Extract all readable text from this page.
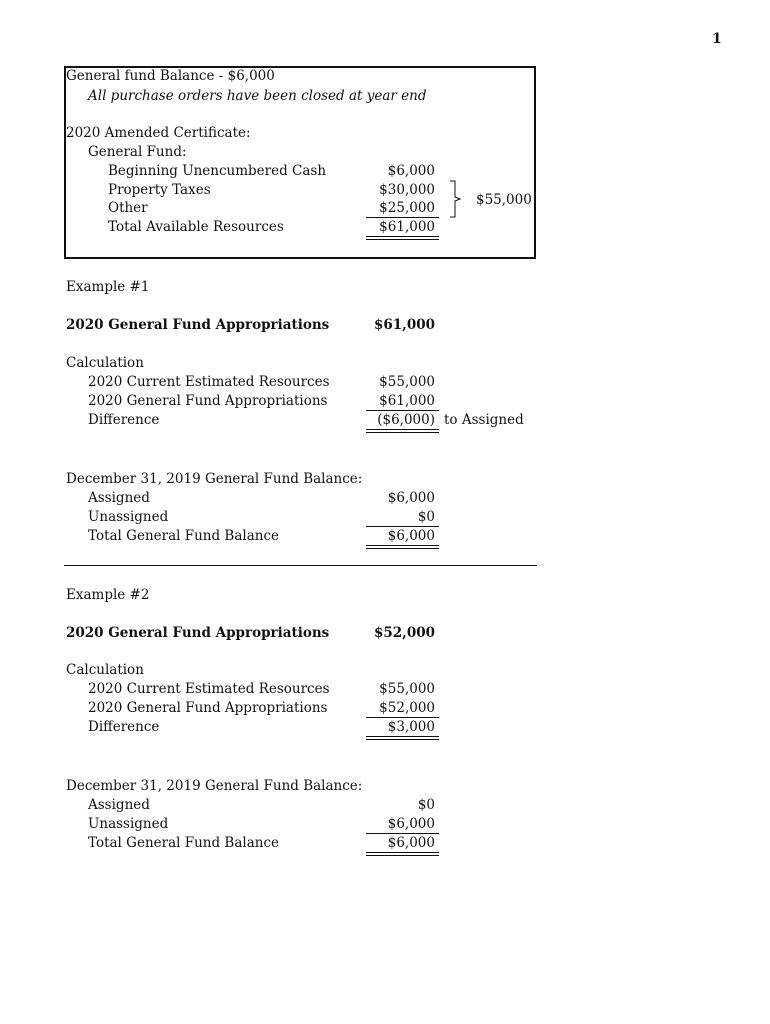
1
General fund Balance - $6,000
All purchase orders have been closed at year end
2020 Amended Certificate:
General Fund:
Beginning Unencumbered Cash	$6,000
Property Taxes	$30,000
Other	$25,000
Total Available Resources	$61,000
$55,000
Example #1
2020 General Fund Appropriations	$61,000
Calculation
2020 Current Estimated Resources	$55,000
2020 General Fund Appropriations	$61,000
Difference	($6,000) to Assigned
December 31, 2019 General Fund Balance:
Assigned	$6,000
Unassigned	$0
Total General Fund Balance	$6,000
Example #2
2020 General Fund Appropriations	$52,000
Calculation
2020 Current Estimated Resources	$55,000
2020 General Fund Appropriations	$52,000
Difference	$3,000
December 31, 2019 General Fund Balance:
Assigned	$0
Unassigned	$6,000
Total General Fund Balance	$6,000
